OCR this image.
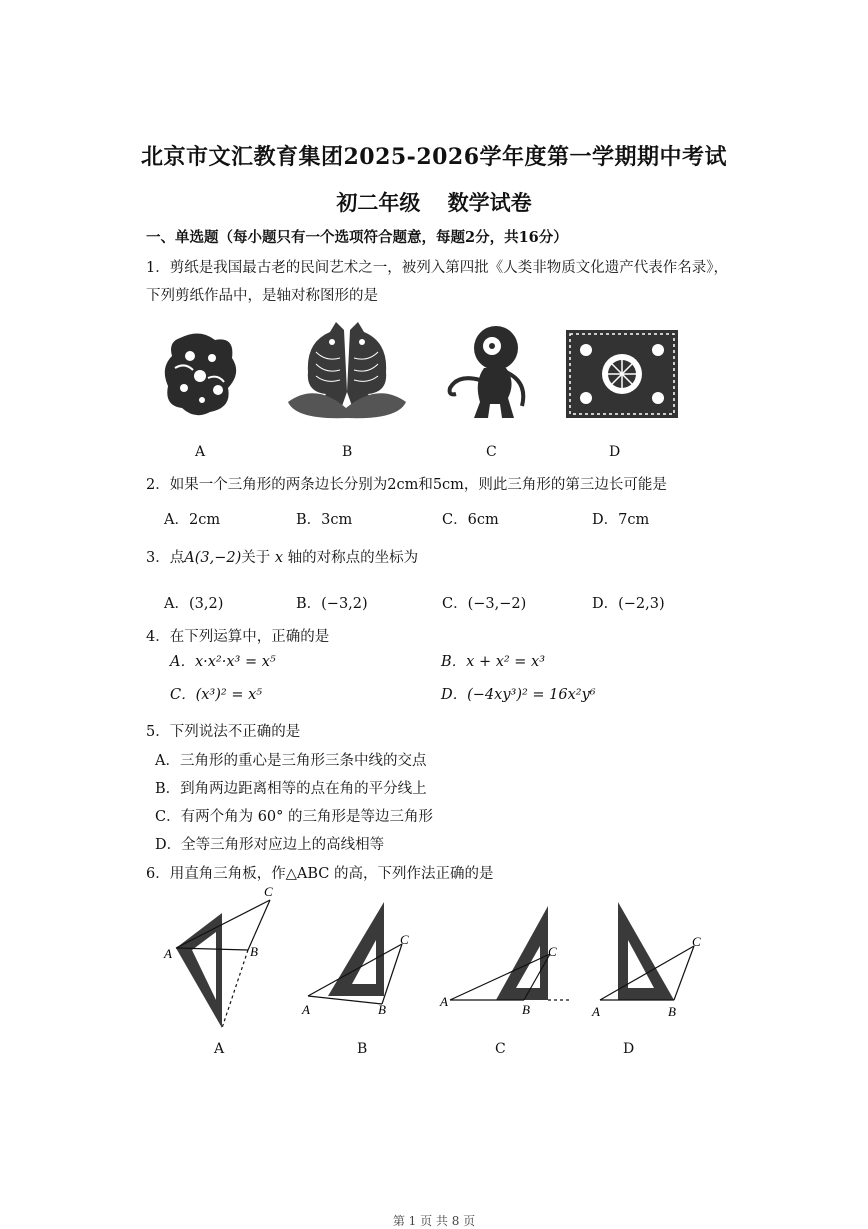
北京市文汇教育集团2025-2026学年度第一学期期中考试
初二年级 数学试卷
一、单选题（每小题只有一个选项符合题意，每题2分，共16分）
1．剪纸是我国最古老的民间艺术之一，被列入第四批《人类非物质文化遗产代表作名录》，
下列剪纸作品中，是轴对称图形的是
A	B	C	D
2．如果一个三角形的两条边长分别为2cm和5cm，则此三角形的第三边长可能是
A．2cm	B．3cm	C．6cm	D．7cm
3．点A(3,−2)关于 x 轴的对称点的坐标为
A．(3,2)	B．(−3,2)	C．(−3,−2)	D．(−2,3)
4．在下列运算中，正确的是
A．x·x²·x³ = x⁵	B．x + x² = x³
C．(x³)² = x⁵	D．(−4xy³)² = 16x²y⁶
5．下列说法不正确的是
A．三角形的重心是三角形三条中线的交点
B．到角两边距离相等的点在角的平分线上
C．有两个角为 60° 的三角形是等边三角形
D．全等三角形对应边上的高线相等
6．用直角三角板，作△ABC 的高，下列作法正确的是
A	B
C
A	B
C
A
B
C
A	B
C
A	B	C	D
第 1 页 共 8 页
